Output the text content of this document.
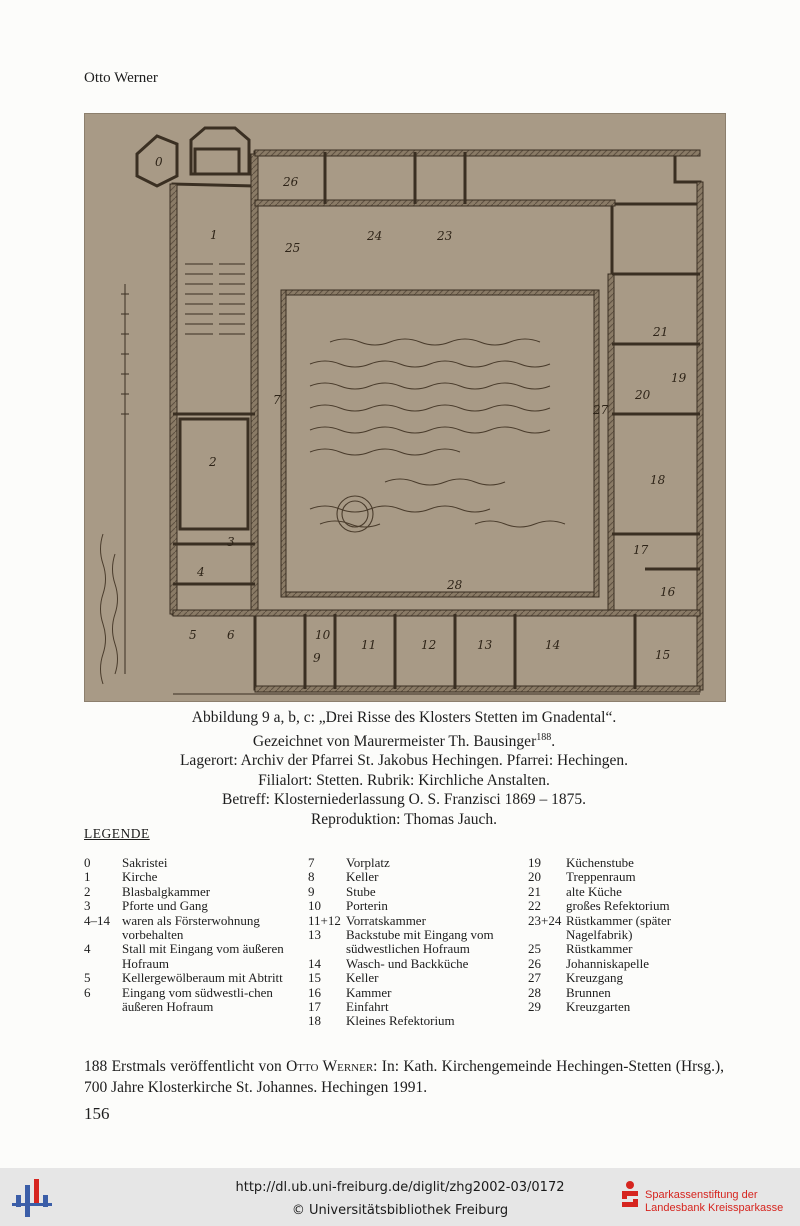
Otto Werner
0
1
2
3
4
5	6
7
9
10
11	12	13	14
15
16
17
18
19
20
21
23
24
25
26
27
28
Abbildung 9 a, b, c: „Drei Risse des Klosters Stetten im Gnadental“.
Gezeichnet von Maurermeister Th. Bausinger$^{188}$.
Lagerort: Archiv der Pfarrei St. Jakobus Hechingen. Pfarrei: Hechingen.
Filialort: Stetten. Rubrik: Kirchliche Anstalten.
Betreff: Klosterniederlassung O. S. Franzisci 1869 – 1875.
Reproduktion: Thomas Jauch.
LEGENDE
0	Sakristei
1	Kirche
2	Blasbalgkammer
3	Pforte und Gang
4–14 waren als Försterwohnung vorbehalten
4	Stall mit Eingang vom äußeren Hofraum
5	Kellergewölberaum mit Abtritt
6	Eingang vom südwestli-chen äußeren Hofraum
7	Vorplatz
8	Keller
9	Stube
10	Porterin
11+12 Vorratskammer
13	Backstube mit Eingang vom südwestlichen Hofraum
14	Wasch- und Backküche
15	Keller
16	Kammer
17	Einfahrt
18	Kleines Refektorium
19	Küchenstube
20	Treppenraum
21	alte Küche
22	großes Refektorium
23+24 Rüstkammer (später Nagelfabrik)
25	Rüstkammer
26	Johanniskapelle
27	Kreuzgang
28	Brunnen
29	Kreuzgarten
188 Erstmals veröffentlicht von Otto Werner: In: Kath. Kirchengemeinde Hechingen-Stetten (Hrsg.), 700 Jahre Klosterkirche St. Johannes. Hechingen 1991.
156
http://dl.ub.uni-freiburg.de/diglit/zhg2002-03/0172
© Universitätsbibliothek Freiburg
Sparkassenstiftung der
Landesbank Kreissparkasse
